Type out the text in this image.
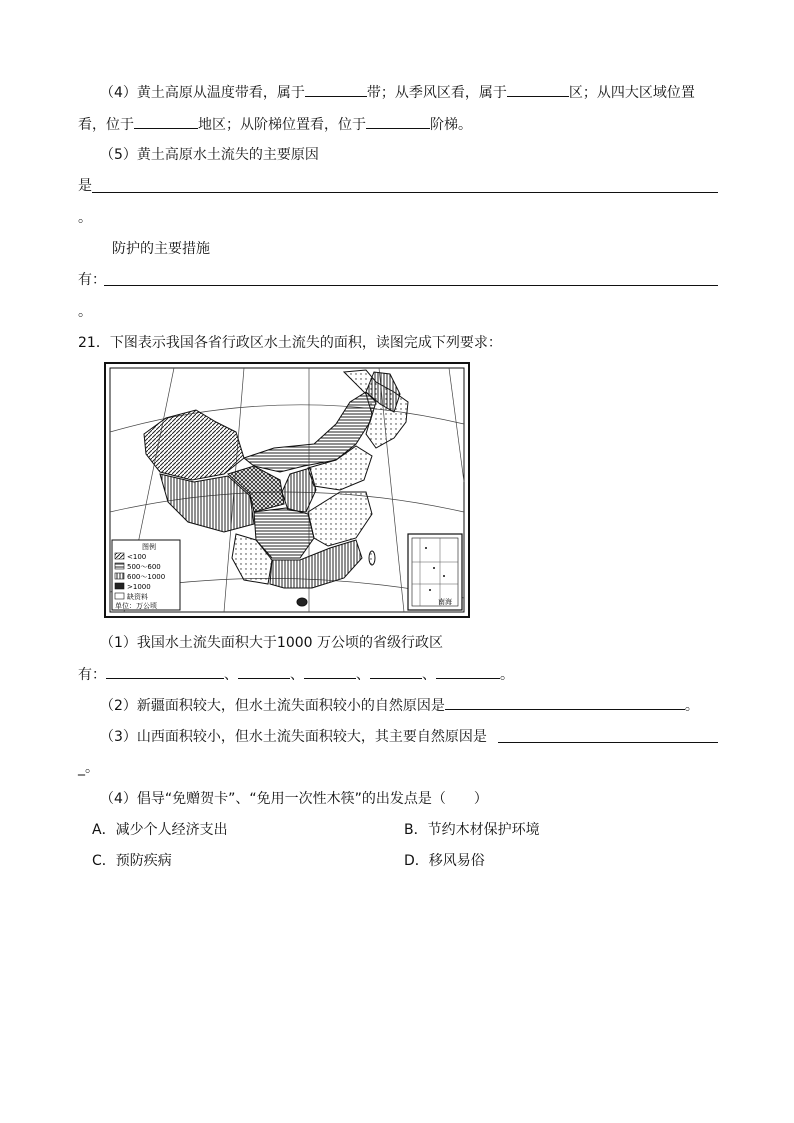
（4）黄土高原从温度带看，属于	带；从季风区看，属于	区；从四大区域位置
看，位于	地区；从阶梯位置看，位于	阶梯。
（5）黄土高原水土流失的主要原因
是
。
防护的主要措施
有：
。
21．下图表示我国各省行政区水土流失的面积，读图完成下列要求：
图例
<100
500～600
600～1000
>1000
缺资料
单位：万公顷	南海
（1）我国水土流失面积大于1000 万公顷的省级行政区
有：	、	、	、	、	。
（2）新疆面积较大，但水土流失面积较小的自然原因是	。
（3）山西面积较小，但水土流失面积较大，其主要自然原因是
_。
（4）倡导“免赠贺卡”、“免用一次性木筷”的出发点是（　　）
A．减少个人经济支出	B．节约木材保护环境
C．预防疾病	D．移风易俗
